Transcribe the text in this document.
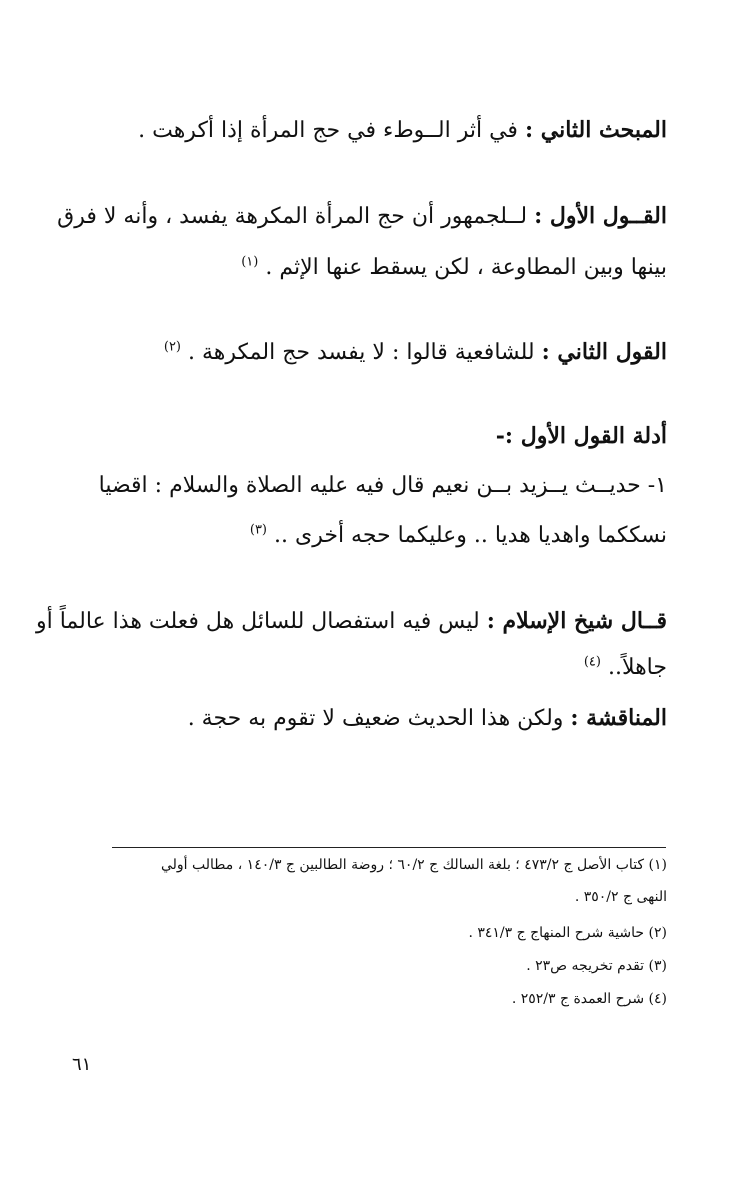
المبحث الثاني : في أثر الــوطء في حج المرأة إذا أكرهت .
القــول الأول : لــلجمهور أن حج المرأة المكرهة يفسد ، وأنه لا فرق
بينها وبين المطاوعة ، لكن يسقط عنها الإثم . $^{(١)}$
القول الثاني : للشافعية قالوا : لا يفسد حج المكرهة . $^{(٢)}$
أدلة القول الأول :-
١- حديــث يــزيد بــن نعيم قال فيه عليه الصلاة والسلام : اقضيا
نسككما واهديا هديا .. وعليكما حجه أخرى .. $^{(٣)}$
قــال شيخ الإسلام : ليس فيه استفصال للسائل هل فعلت هذا عالماً أو
جاهلاً.. $^{(٤)}$
المناقشة : ولكن هذا الحديث ضعيف لا تقوم به حجة .
(١) كتاب الأصل ج ٤٧٣/٢ ؛ بلغة السالك ج ٦٠/٢ ؛ روضة الطالبين ج ١٤٠/٣ ، مطالب أولي
النهى ج ٣٥٠/٢ .
(٢) حاشية شرح المنهاج ج ٣٤١/٣ .
(٣) تقدم تخريجه ص٢٣ .
(٤) شرح العمدة ج ٢٥٢/٣ .
٦١
